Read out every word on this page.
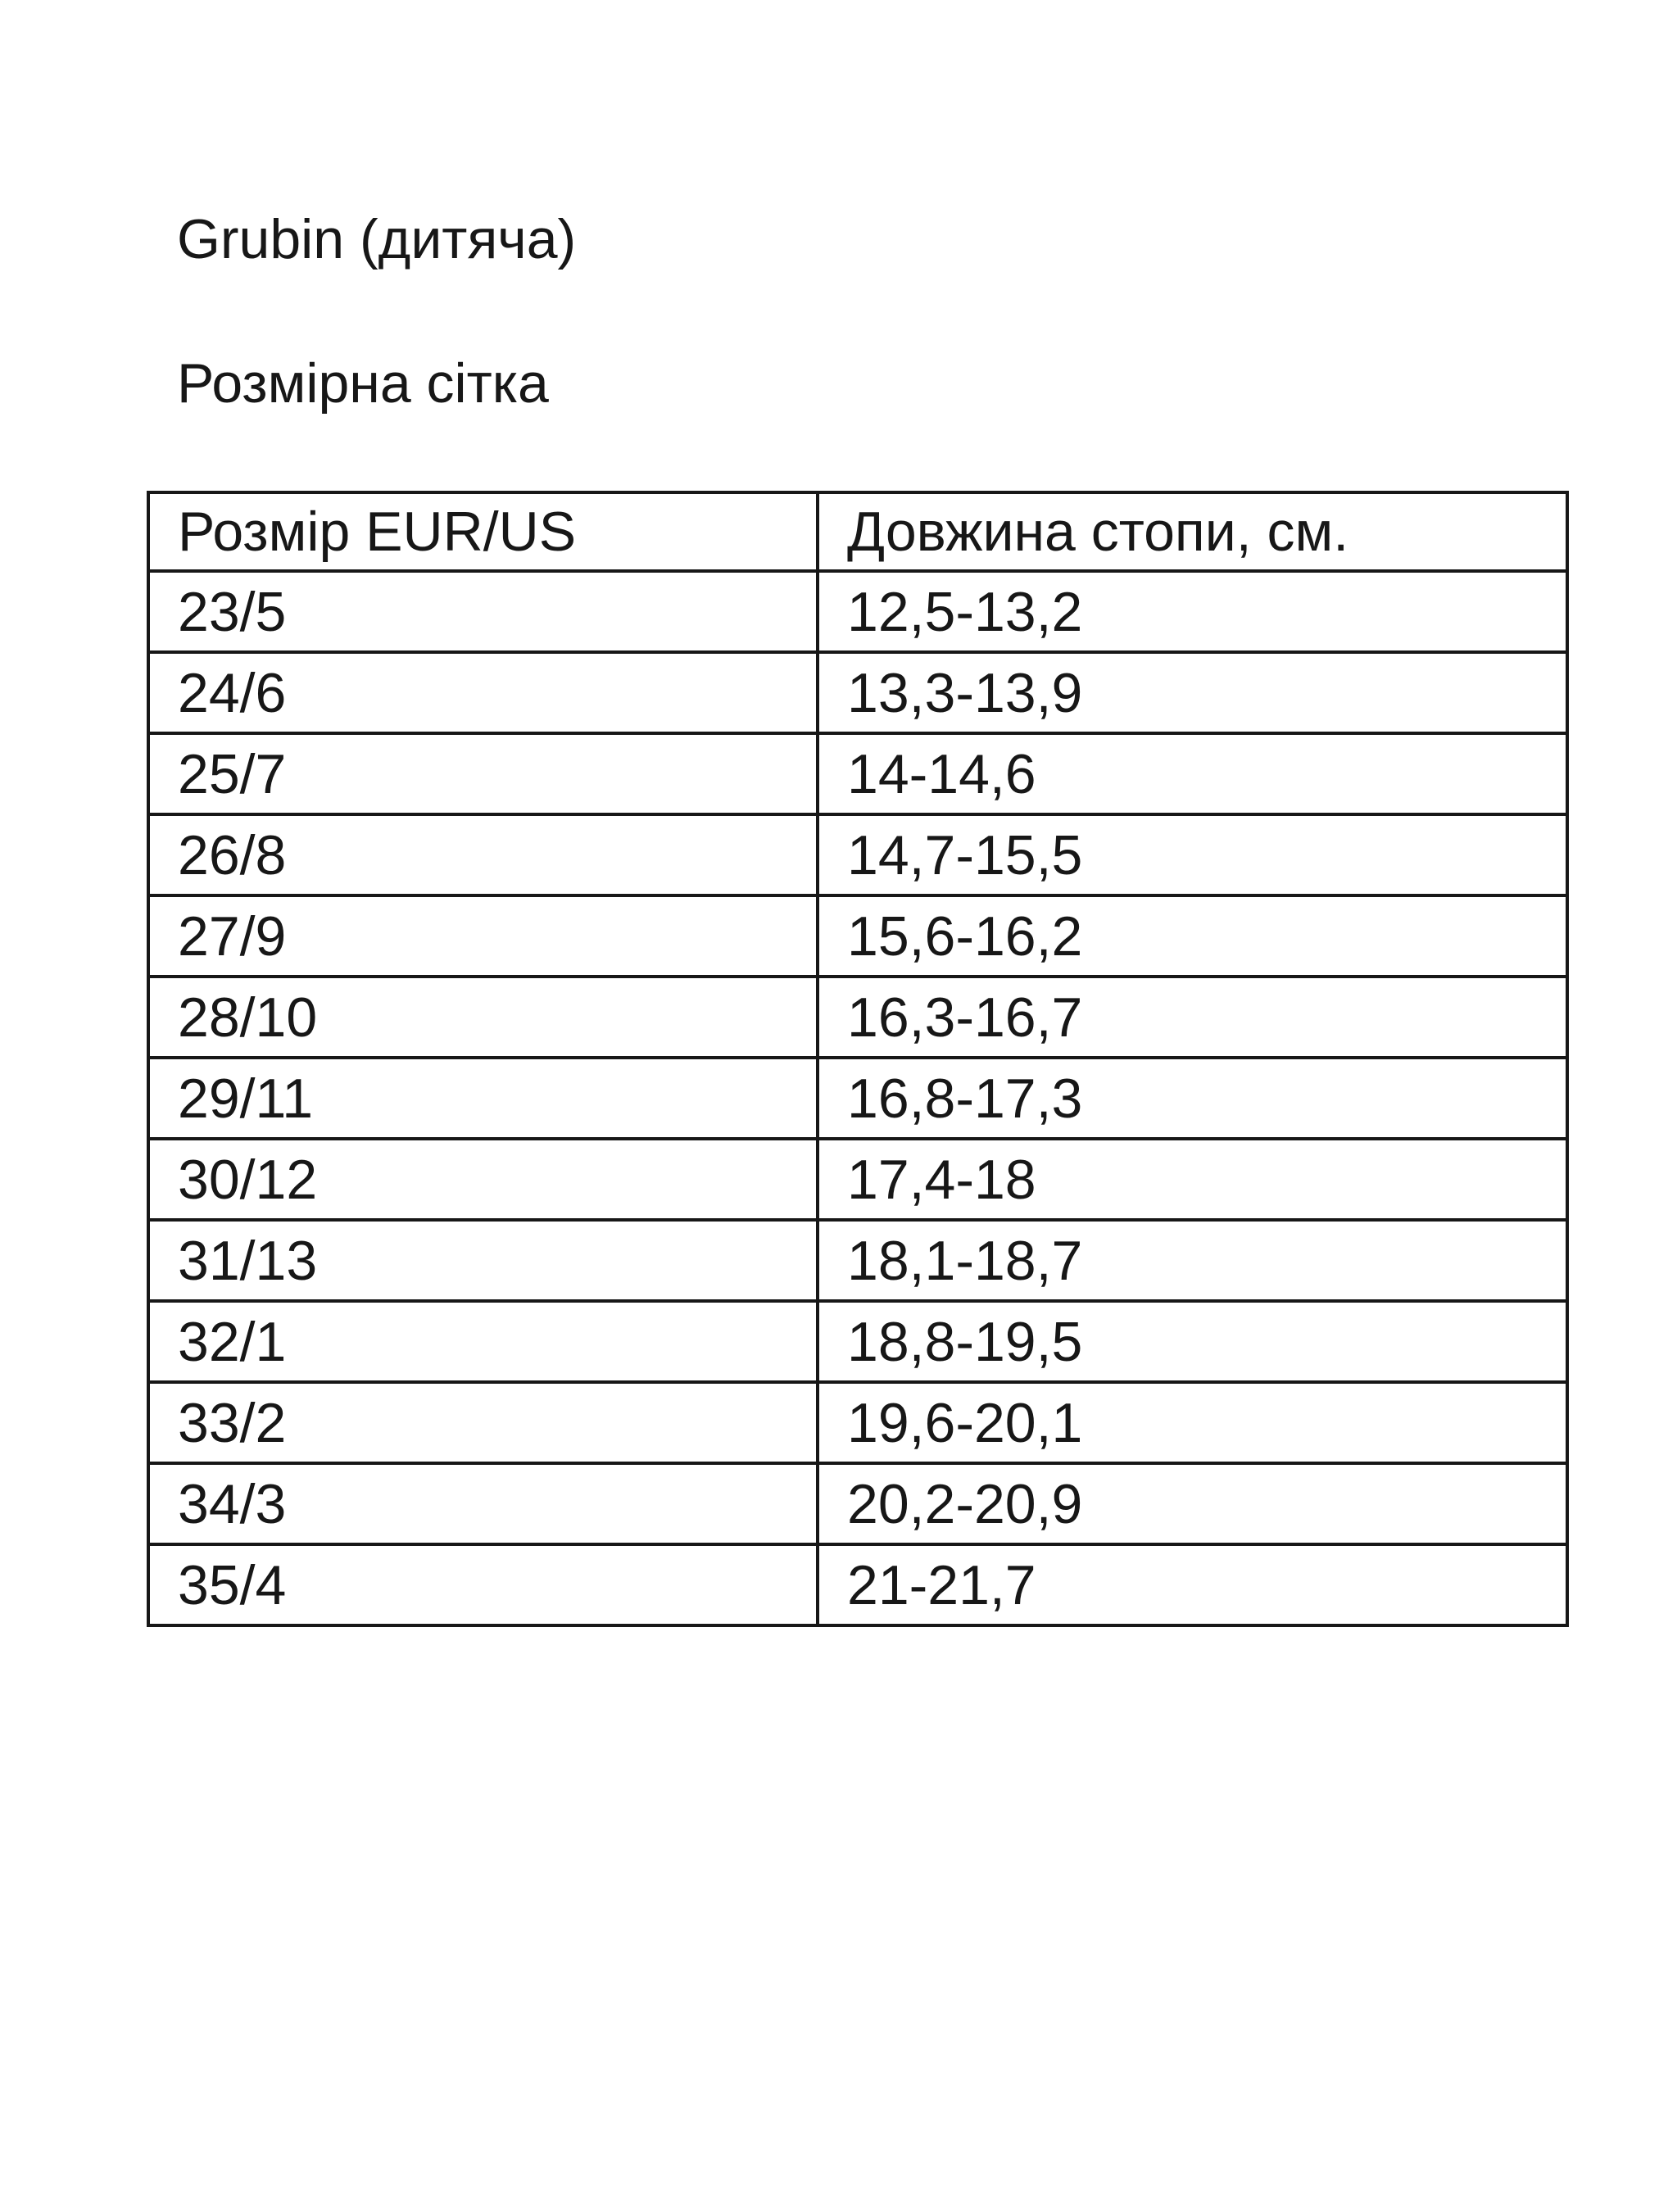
Grubin (дитяча)
Розмірна сітка
Розмір EUR/US	Довжина стопи, см.
23/5	12,5-13,2
24/6	13,3-13,9
25/7	14-14,6
26/8	14,7-15,5
27/9	15,6-16,2
28/10	16,3-16,7
29/11	16,8-17,3
30/12	17,4-18
31/13	18,1-18,7
32/1	18,8-19,5
33/2	19,6-20,1
34/3	20,2-20,9
35/4	21-21,7
